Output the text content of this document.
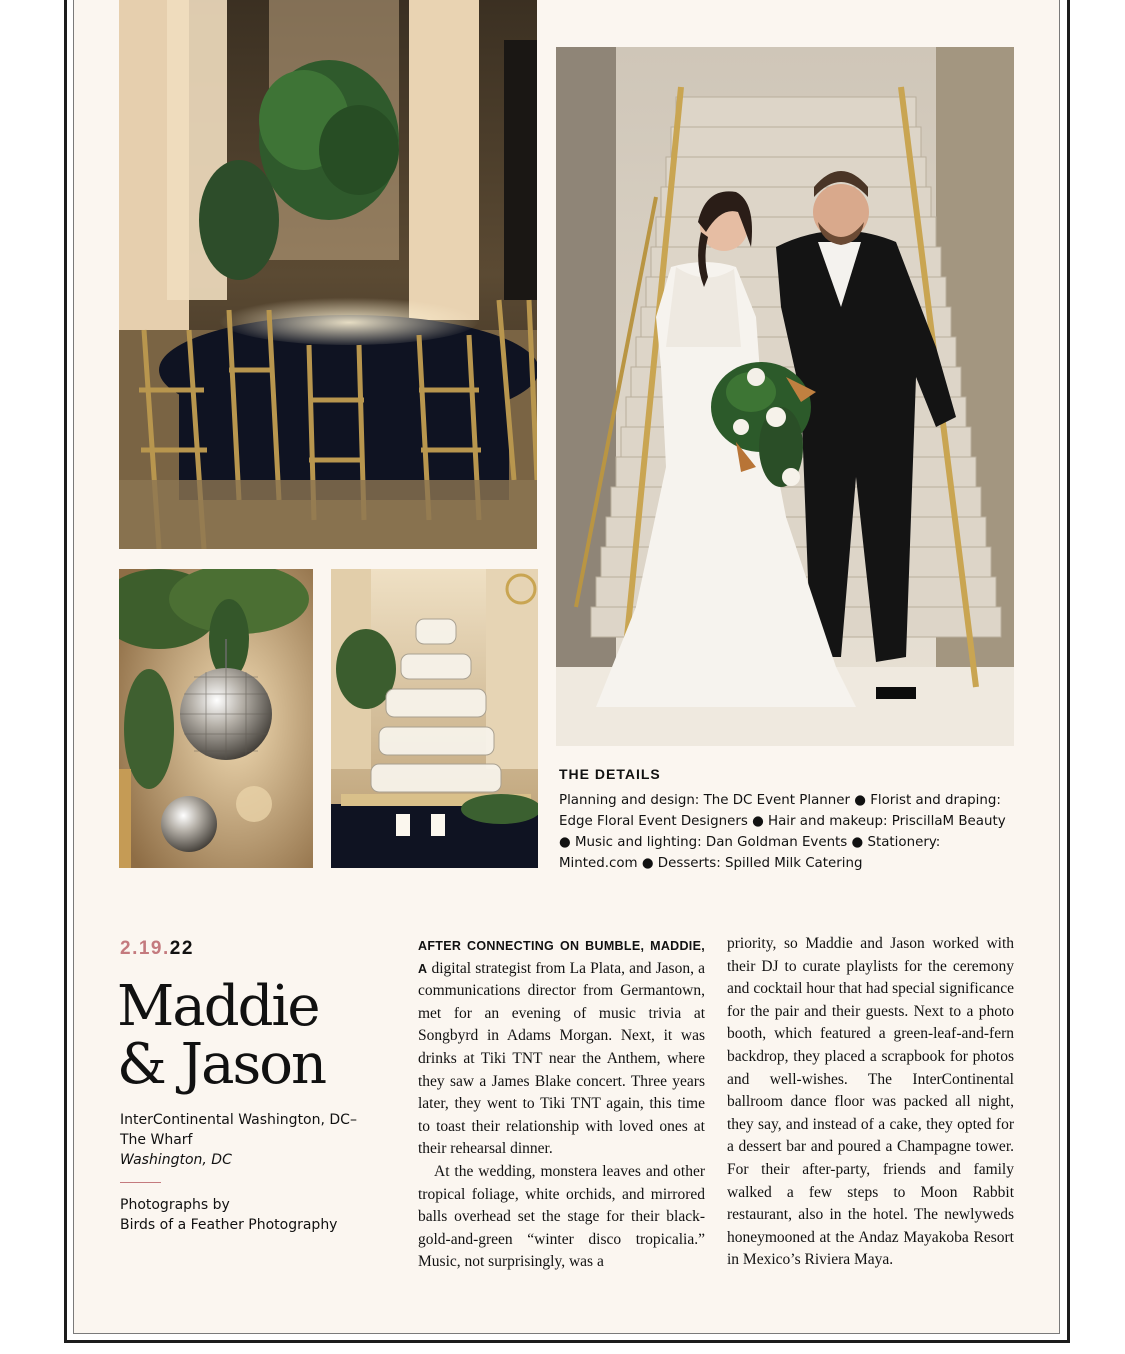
THE DETAILS
Planning and design: The DC Event Planner ● Florist and draping: Edge Floral Event Designers ● Hair and makeup: PriscillaM Beauty ● Music and lighting: Dan Goldman Events ● Stationery: Minted.com ● Desserts: Spilled Milk Catering
2.19.22
Maddie
& Jason
InterContinental Washington, DC–
The Wharf
Washington, DC
Photographs by
Birds of a Feather Photography

AFTER CONNECTING ON BUMBLE, MADDIE, A digital strategist from La Plata, and Jason, a communications director from Germantown, met for an evening of music trivia at Songbyrd in Adams Morgan. Next, it was drinks at Tiki TNT near the Anthem, where they saw a James Blake concert. Three years later, they went to Tiki TNT again, this time to toast their relationship with loved ones at their rehearsal dinner.

At the wedding, monstera leaves and other tropical foliage, white orchids, and mirrored balls overhead set the stage for their black-gold-and-green “winter disco tropicalia.” Music, not surprisingly, was a

priority, so Maddie and Jason worked with their DJ to curate playlists for the ceremony and cocktail hour that had special significance for the pair and their guests. Next to a photo booth, which featured a green-leaf-and-fern backdrop, they placed a scrapbook for photos and well-wishes. The InterContinental ballroom dance floor was packed all night, they say, and instead of a cake, they opted for a dessert bar and poured a Champagne tower. For their after-party, friends and family walked a few steps to Moon Rabbit restaurant, also in the hotel. The newlyweds honeymooned at the Andaz Mayakoba Resort in Mexico’s Riviera Maya.
